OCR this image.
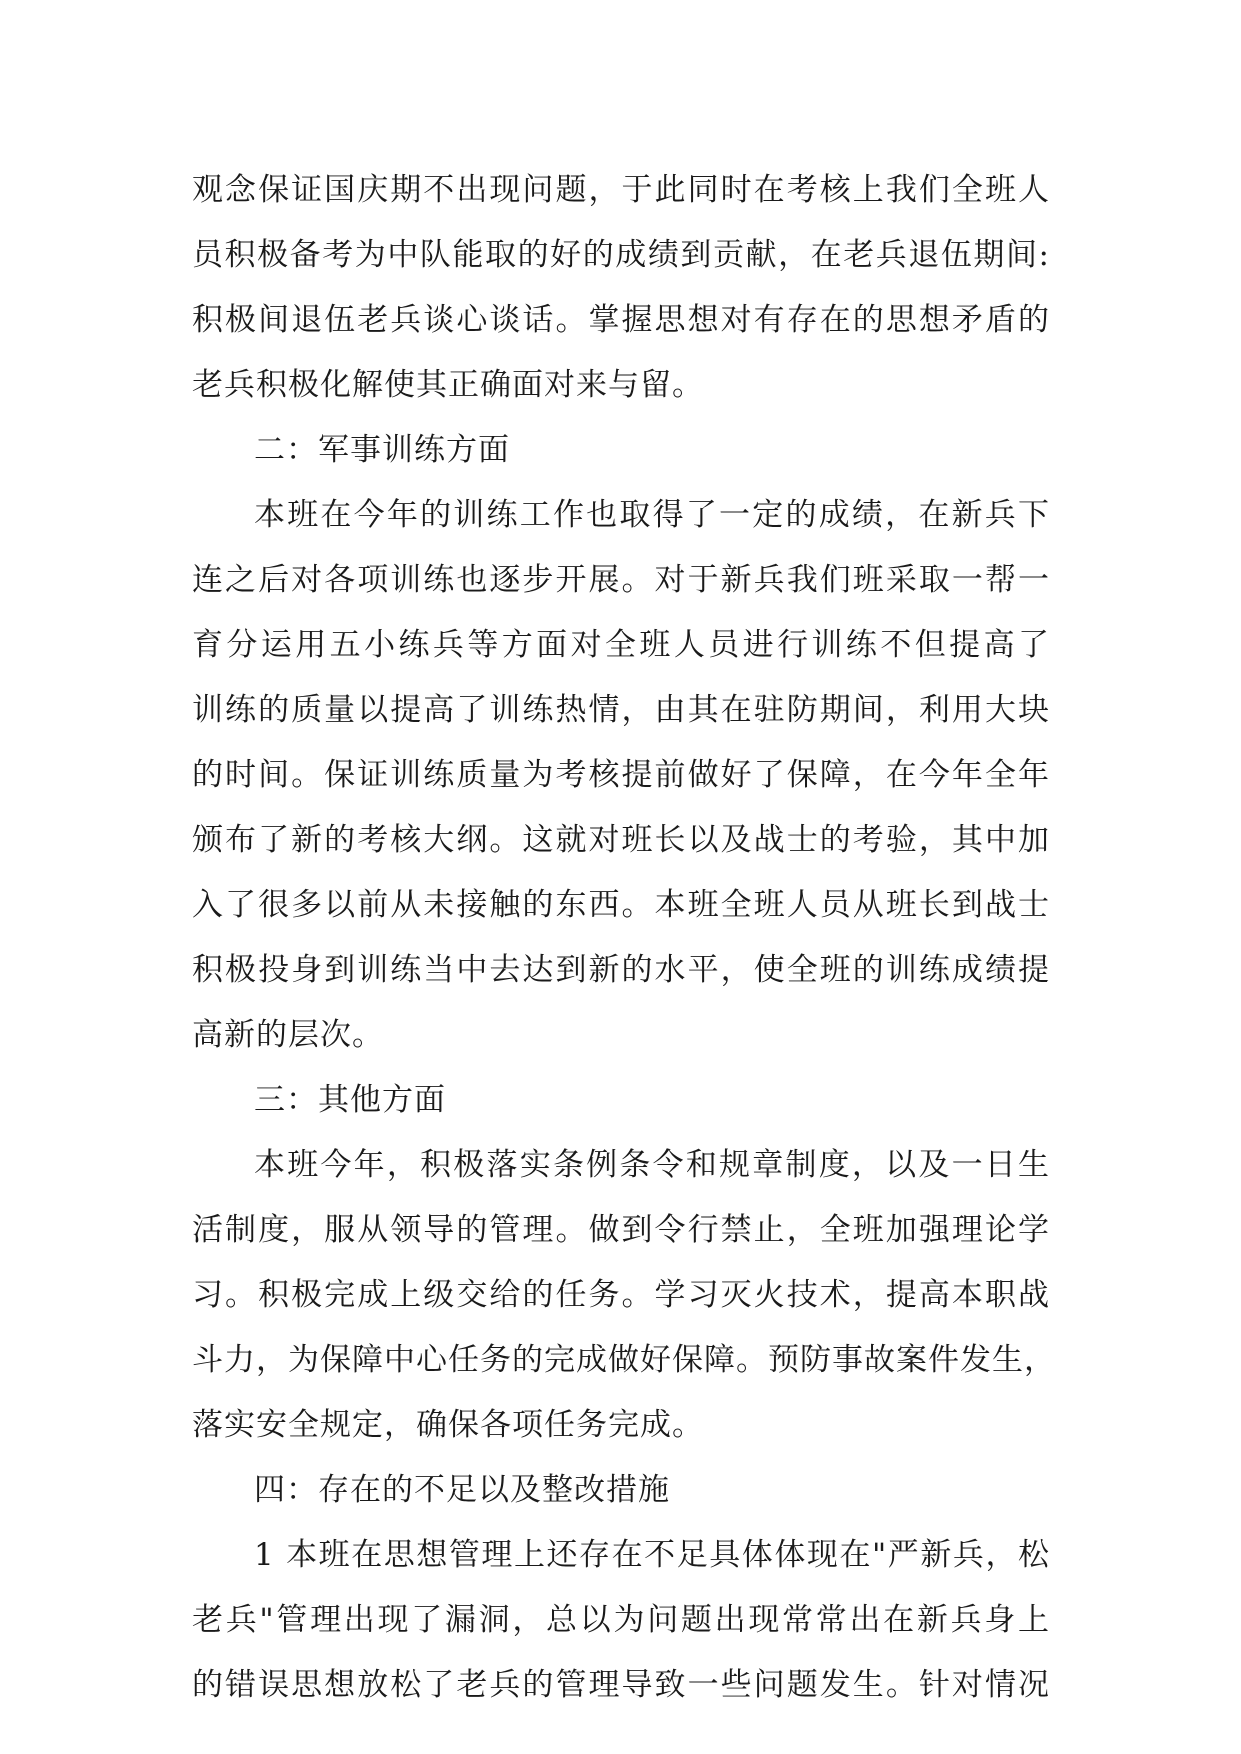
观念保证国庆期不出现问题，于此同时在考核上我们全班人
员积极备考为中队能取的好的成绩到贡献，在老兵退伍期间:
积极间退伍老兵谈心谈话。掌握思想对有存在的思想矛盾的
老兵积极化解使其正确面对来与留。
二：军事训练方面
本班在今年的训练工作也取得了一定的成绩，在新兵下
连之后对各项训练也逐步开展。对于新兵我们班采取一帮一
育分运用五小练兵等方面对全班人员进行训练不但提高了
训练的质量以提高了训练热情，由其在驻防期间，利用大块
的时间。保证训练质量为考核提前做好了保障，在今年全年
颁布了新的考核大纲。这就对班长以及战士的考验，其中加
入了很多以前从未接触的东西。本班全班人员从班长到战士
积极投身到训练当中去达到新的水平，使全班的训练成绩提
高新的层次。
三：其他方面
本班今年，积极落实条例条令和规章制度，以及一日生
活制度，服从领导的管理。做到令行禁止，全班加强理论学
习。积极完成上级交给的任务。学习灭火技术，提高本职战
斗力，为保障中心任务的完成做好保障。预防事故案件发生，
落实安全规定，确保各项任务完成。
四：存在的不足以及整改措施
1 本班在思想管理上还存在不足具体体现在"严新兵，松
老兵"管理出现了漏洞，总以为问题出现常常出在新兵身上
的错误思想放松了老兵的管理导致一些问题发生。针对情况
